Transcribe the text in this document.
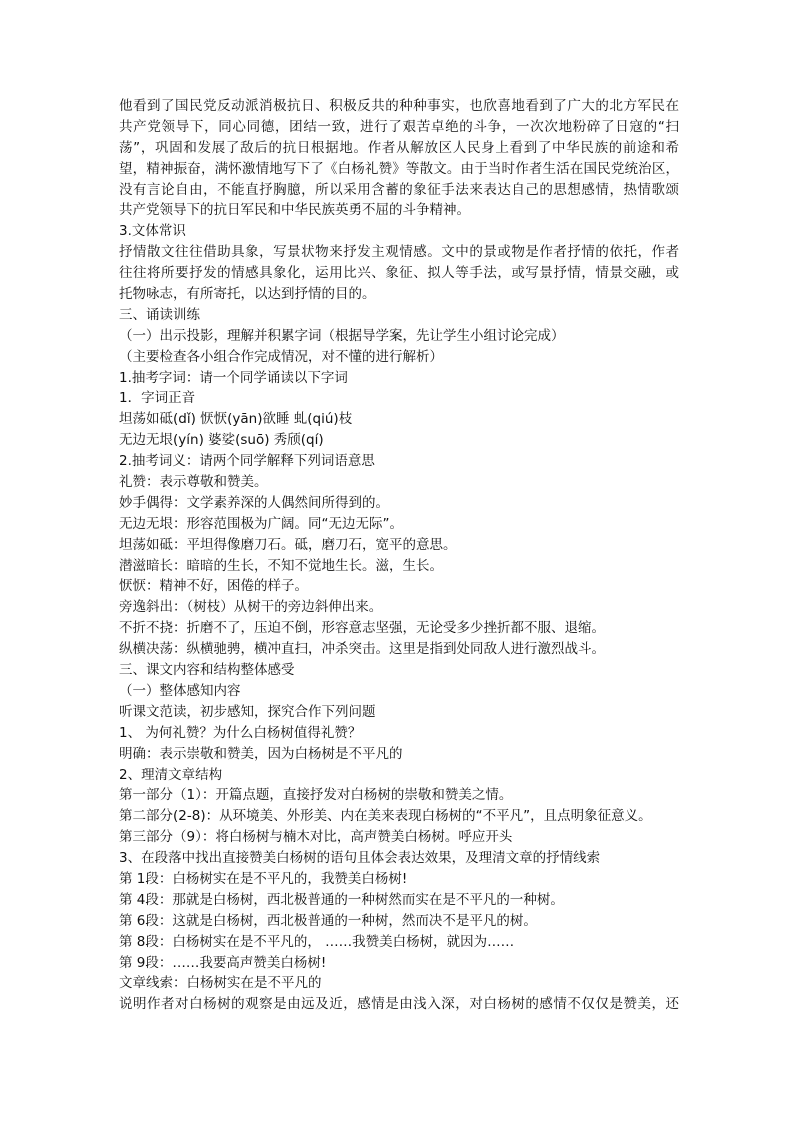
他看到了国民党反动派消极抗日、积极反共的种种事实，也欣喜地看到了广大的北方军民在
共产党领导下，同心同德，团结一致，进行了艰苦卓绝的斗争，一次次地粉碎了日寇的“扫
荡”，巩固和发展了敌后的抗日根据地。作者从解放区人民身上看到了中华民族的前途和希
望，精神振奋，满怀激情地写下了《白杨礼赞》等散文。由于当时作者生活在国民党统治区，
没有言论自由，不能直抒胸臆，所以采用含蓄的象征手法来表达自己的思想感情，热情歌颂
共产党领导下的抗日军民和中华民族英勇不屈的斗争精神。
3.文体常识
抒情散文往往借助具象，写景状物来抒发主观情感。文中的景或物是作者抒情的依托，作者
往往将所要抒发的情感具象化，运用比兴、象征、拟人等手法，或写景抒情，情景交融，或
托物咏志，有所寄托，以达到抒情的目的。
三、诵读训练
（一）出示投影，理解并积累字词（根据导学案，先让学生小组讨论完成）
（主要检查各小组合作完成情况，对不懂的进行解析）
1.抽考字词：请一个同学诵读以下字词
1．字词正音
坦荡如砥(dǐ) 恹恹(yān)欲睡 虬(qiú)枝
无边无垠(yín) 婆娑(suō) 秀颀(qí)
2.抽考词义：请两个同学解释下列词语意思
礼赞：表示尊敬和赞美。
妙手偶得：文学素养深的人偶然间所得到的。
无边无垠：形容范围极为广阔。同“无边无际”。
坦荡如砥：平坦得像磨刀石。砥，磨刀石，宽平的意思。
潜滋暗长：暗暗的生长，不知不觉地生长。滋，生长。
恹恹：精神不好，困倦的样子。
旁逸斜出：（树枝）从树干的旁边斜伸出来。
不折不挠：折磨不了，压迫不倒，形容意志坚强，无论受多少挫折都不服、退缩。
纵横决荡：纵横驰骋，横冲直扫，冲杀突击。这里是指到处同敌人进行激烈战斗。
三、课文内容和结构整体感受
（一）整体感知内容
听课文范读，初步感知，探究合作下列问题
1、 为何礼赞？为什么白杨树值得礼赞？
明确：表示崇敬和赞美，因为白杨树是不平凡的
2、理清文章结构
第一部分（1）：开篇点题，直接抒发对白杨树的崇敬和赞美之情。
第二部分(2-8)：从环境美、外形美、内在美来表现白杨树的“不平凡”，且点明象征意义。
第三部分（9）：将白杨树与楠木对比，高声赞美白杨树。呼应开头
3、在段落中找出直接赞美白杨树的语句且体会表达效果，及理清文章的抒情线索
第 1段：白杨树实在是不平凡的，我赞美白杨树!
第 4段：那就是白杨树，西北极普通的一种树然而实在是不平凡的一种树。
第 6段：这就是白杨树，西北极普通的一种树，然而决不是平凡的树。
第 8段：白杨树实在是不平凡的， ……我赞美白杨树，就因为……
第 9段：……我要高声赞美白杨树!
文章线索：白杨树实在是不平凡的
说明作者对白杨树的观察是由远及近，感情是由浅入深，对白杨树的感情不仅仅是赞美，还
